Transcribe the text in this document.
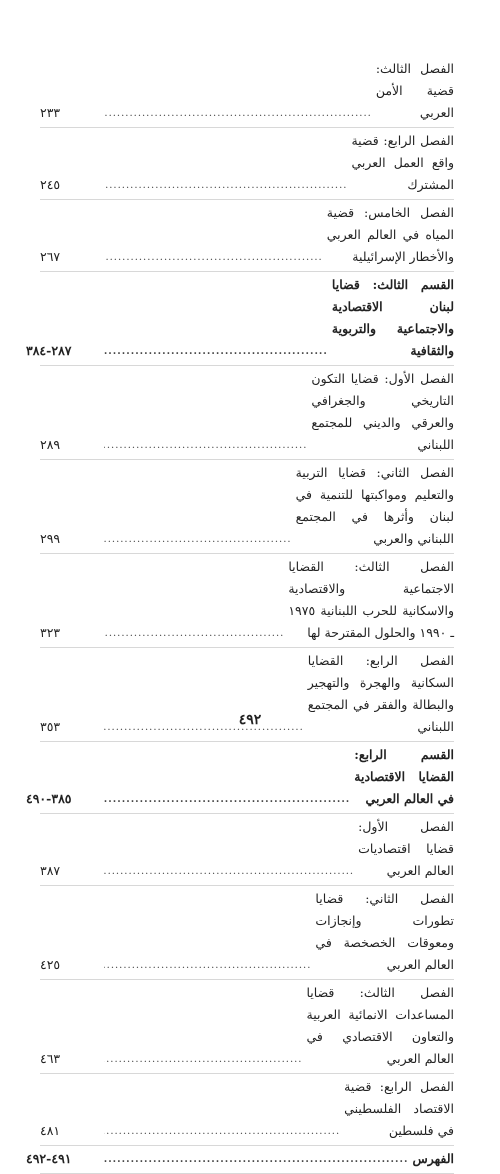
الفصل الثالث: قضية الأمن العربي
.....
٢٣٣
الفصل الرابع: قضية واقع العمل العربي المشترك
.....
٢٤٥
الفصل الخامس: قضية المياه في العالم العربي والأخطار الإسرائيلية
.....
٢٦٧
القسم الثالث: قضايا لبنان الاقتصادية والاجتماعية والتربوية والثقافية
.....
٢٨٧-٣٨٤
الفصل الأول: قضايا التكون التاريخي والجغرافي والعرقي والديني للمجتمع اللبناني
.....
٢٨٩
الفصل الثاني: قضايا التربية والتعليم ومواكبتها للتنمية في لبنان وأثرها في المجتمع اللبناني والعربي
.....
٢٩٩
الفصل الثالث: القضايا الاجتماعية والاقتصادية والاسكانية للحرب اللبنانية ١٩٧٥ ـ ١٩٩٠ والحلول المقترحة لها
.....
٣٢٣
الفصل الرابع: القضايا السكانية والهجرة والتهجير والبطالة والفقر في المجتمع اللبناني
.....
٣٥٣
القسم الرابع: القضايا الاقتصادية في العالم العربي
.....
٣٨٥-٤٩٠
الفصل الأول: قضايا اقتصاديات العالم العربي
.....
٣٨٧
الفصل الثاني: قضايا تطورات وإنجازات ومعوقات الخصخصة في العالم العربي
.....
٤٢٥
الفصل الثالث: قضايا المساعدات الانمائية العربية والتعاون الاقتصادي في العالم العربي
.....
٤٦٣
الفصل الرابع: قضية الاقتصاد الفلسطيني في فلسطين
.....
٤٨١
الفهرس
.....
٤٩١-٤٩٢
٤٩٢
